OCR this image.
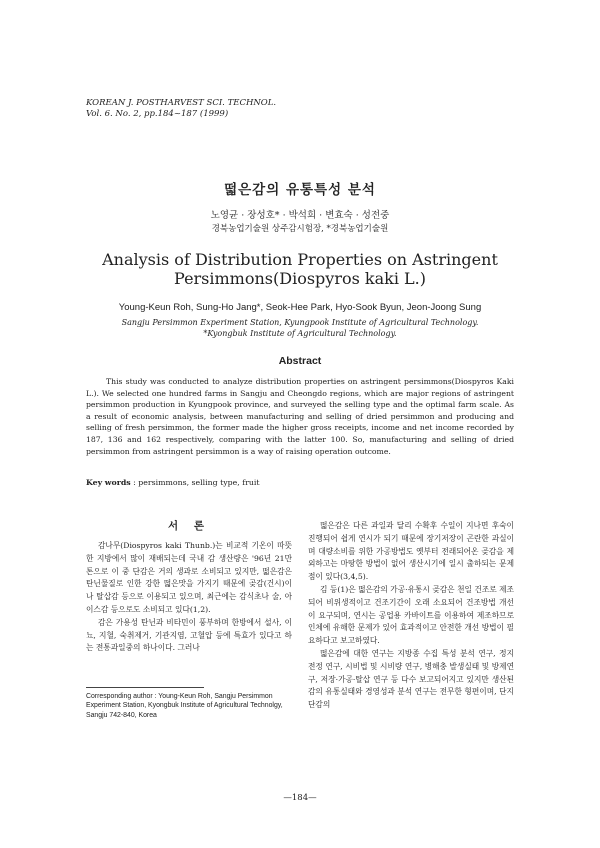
KOREAN J. POSTHARVEST SCI. TECHNOL.
Vol. 6. No. 2, pp.184~187 (1999)
떫은감의 유통특성 분석
노영균 · 장성호* · 박석희 · 변효숙 · 성전중
경북농업기술원 상주감시험장, *경북농업기술원
Analysis of Distribution Properties on Astringent
Persimmons(Diospyros kaki L.)
Young-Keun Roh, Sung-Ho Jang*, Seok-Hee Park, Hyo-Sook Byun, Jeon-Joong Sung
Sangju Persimmon Experiment Station, Kyungpook Institute of Agricultural Technology.
*Kyongbuk Institute of Agricultural Technology.
Abstract
This study was conducted to analyze distribution properties on astringent persimmons(Diospyros Kaki L.). We selected one hundred farms in Sangju and Cheongdo regions, which are major regions of astringent persimmon production in Kyungpook province, and surveyed the selling type and the optimal farm scale. As a result of economic analysis, between manufacturing and selling of dried persimmon and producing and selling of fresh persimmon, the former made the higher gross receipts, income and net income recorded by 187, 136 and 162 respectively, comparing with the latter 100. So, manufacturing and selling of dried persimmon from astringent persimmon is a way of raising operation outcome.
Key words : persimmons, selling type, fruit
서 론

감나무(Diospyros kaki Thunb.)는 비교적 기온이 따뜻한 지방에서 많이 재배되는데 국내 감 생산량은 '96년 21만 톤으로 이 중 단감은 거의 생과로 소비되고 있지만, 떫은감은 탄닌물질로 인한 강한 떫은맛을 가지기 때문에 곶감(건시)이나 탈삽감 등으로 이용되고 있으며, 최근에는 감식초나 술, 아이스감 등으로도 소비되고 있다(1,2).

감은 가용성 탄닌과 비타민이 풍부하며 한방에서 설사, 이뇨, 지혈, 숙취제거, 기관지염, 고혈압 등에 특효가 있다고 하는 전통과일중의 하나이다. 그러나

Corresponding author : Young-Keun Roh, Sangju Persimmon Experiment Station, Kyongbuk Institute of Agricultural Technolgy, Sangju 742-840, Korea

떫은감은 다른 과일과 달리 수확후 수일이 지나면 후숙이 진행되어 쉽게 연시가 되기 때문에 장기저장이 곤란한 과실이며 대량소비를 위한 가공방법도 옛부터 전래되어온 곶감을 제외하고는 마땅한 방법이 없어 생산시기에 일시 출하되는 문제점이 있다(3,4,5).

김 등(1)은 떫은감의 가공·유통시 곶감은 천일 건조로 제조되어 비위생적이고 건조기간이 오래 소요되어 건조방법 개선이 요구되며, 연시는 공업용 카바이트를 이용하여 제조하므로 인체에 유해한 문제가 있어 효과적이고 안전한 개선 방법이 필요하다고 보고하였다.

떫은감에 대한 연구는 지방종 수집 특성 분석 연구, 정지 전정 연구, 시비법 및 시비량 연구, 병해충 발생실태 및 방제연구, 저장·가공·탈삽 연구 등 다수 보고되어지고 있지만 생산된 감의 유통실태와 경영성과 분석 연구는 전무한 형편이며, 단지 단감의

—184—
